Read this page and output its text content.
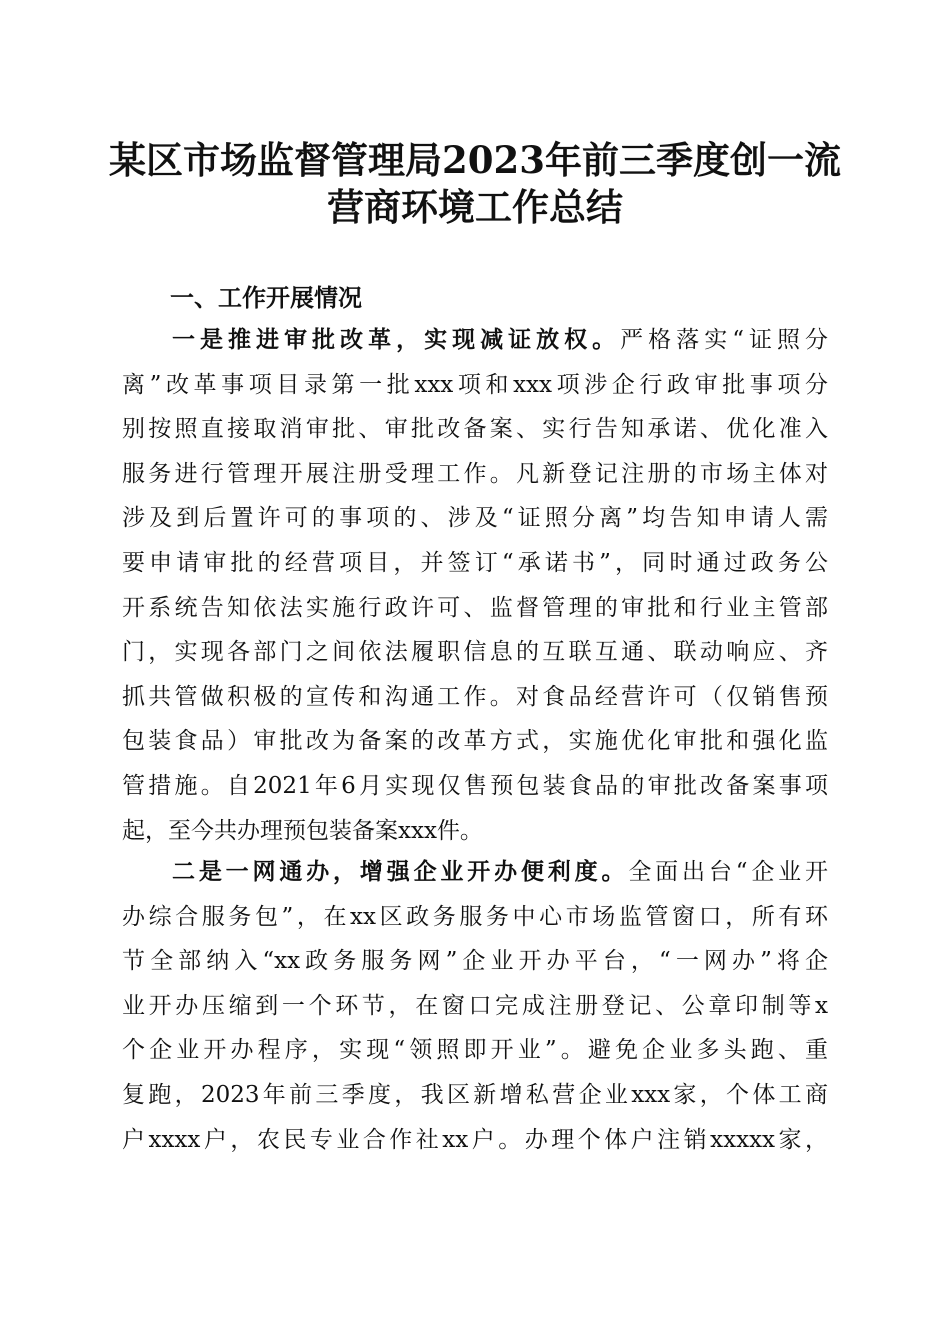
某区市场监督管理局2023年前三季度创一流
营商环境工作总结
一、工作开展情况
一是推进审批改革，实现减证放权。严格落实“证照分
离”改革事项目录第一批xxx项和xxx项涉企行政审批事项分
别按照直接取消审批、审批改备案、实行告知承诺、优化准入
服务进行管理开展注册受理工作。凡新登记注册的市场主体对
涉及到后置许可的事项的、涉及“证照分离”均告知申请人需
要申请审批的经营项目，并签订“承诺书”，同时通过政务公
开系统告知依法实施行政许可、监督管理的审批和行业主管部
门，实现各部门之间依法履职信息的互联互通、联动响应、齐
抓共管做积极的宣传和沟通工作。对食品经营许可（仅销售预
包装食品）审批改为备案的改革方式，实施优化审批和强化监
管措施。自2021年6月实现仅售预包装食品的审批改备案事项
起，至今共办理预包装备案xxx件。
二是一网通办，增强企业开办便利度。全面出台“企业开
办综合服务包”，在xx区政务服务中心市场监管窗口，所有环
节全部纳入“xx政务服务网”企业开办平台，“一网办”将企
业开办压缩到一个环节，在窗口完成注册登记、公章印制等x
个企业开办程序，实现“领照即开业”。避免企业多头跑、重
复跑，2023年前三季度，我区新增私营企业xxx家，个体工商
户xxxx户，农民专业合作社xx户。办理个体户注销xxxxx家，
